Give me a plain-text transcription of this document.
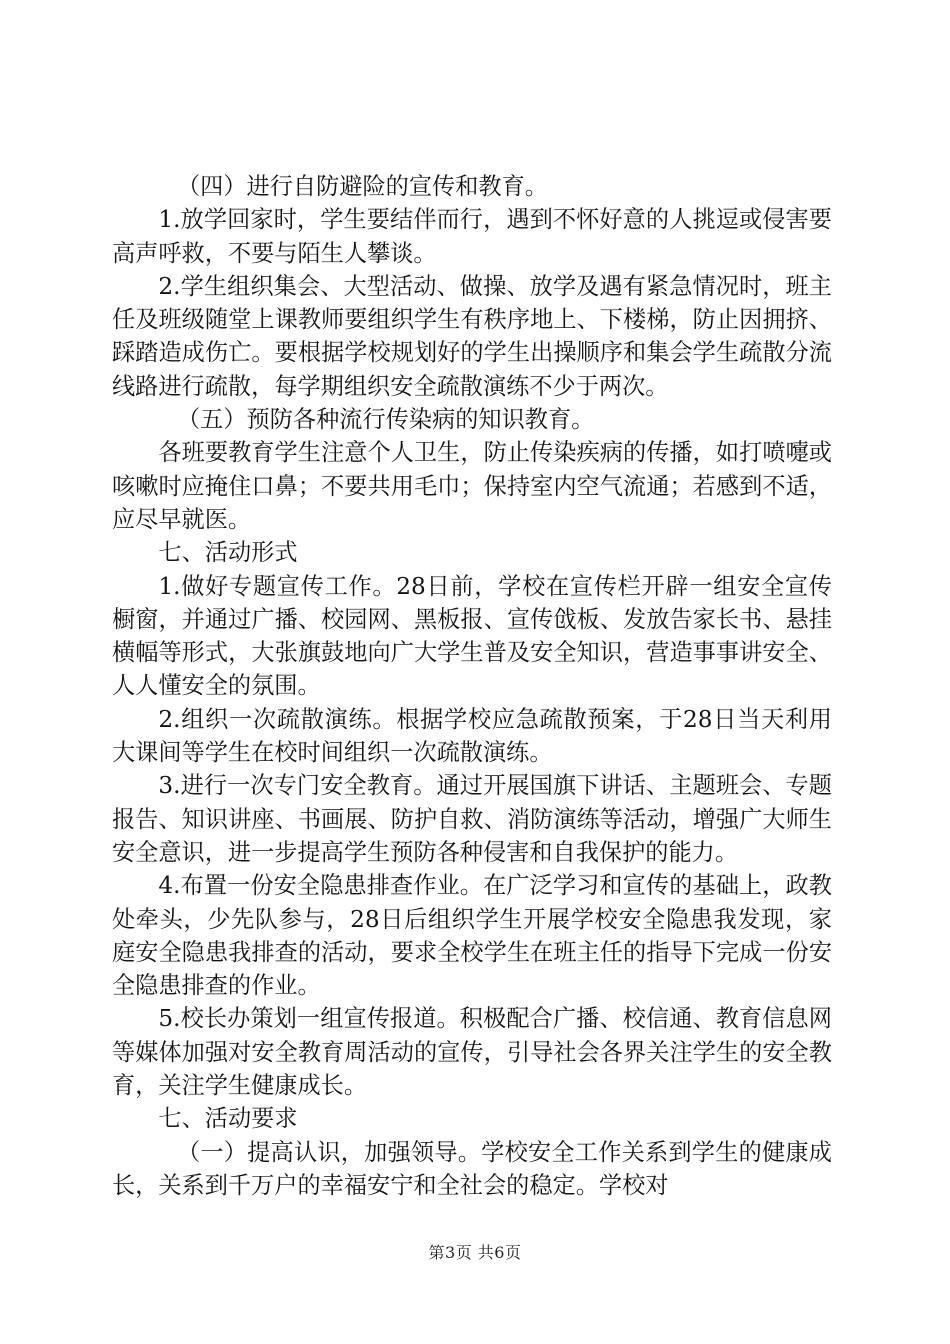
（四）进行自防避险的宣传和教育。

1.放学回家时，学生要结伴而行，遇到不怀好意的人挑逗或侵害要高声呼救，不要与陌生人攀谈。

2.学生组织集会、大型活动、做操、放学及遇有紧急情况时，班主任及班级随堂上课教师要组织学生有秩序地上、下楼梯，防止因拥挤、踩踏造成伤亡。要根据学校规划好的学生出操顺序和集会学生疏散分流线路进行疏散，每学期组织安全疏散演练不少于两次。

（五）预防各种流行传染病的知识教育。

各班要教育学生注意个人卫生，防止传染疾病的传播，如打喷嚏或咳嗽时应掩住口鼻；不要共用毛巾；保持室内空气流通；若感到不适，应尽早就医。

七、活动形式

1.做好专题宣传工作。28日前，学校在宣传栏开辟一组安全宣传橱窗，并通过广播、校园网、黑板报、宣传戗板、发放告家长书、悬挂横幅等形式，大张旗鼓地向广大学生普及安全知识，营造事事讲安全、人人懂安全的氛围。

2.组织一次疏散演练。根据学校应急疏散预案，于28日当天利用大课间等学生在校时间组织一次疏散演练。

3.进行一次专门安全教育。通过开展国旗下讲话、主题班会、专题报告、知识讲座、书画展、防护自救、消防演练等活动，增强广大师生安全意识，进一步提高学生预防各种侵害和自我保护的能力。

4.布置一份安全隐患排查作业。在广泛学习和宣传的基础上，政教处牵头，少先队参与，28日后组织学生开展学校安全隐患我发现，家庭安全隐患我排查的活动，要求全校学生在班主任的指导下完成一份安全隐患排查的作业。

5.校长办策划一组宣传报道。积极配合广播、校信通、教育信息网等媒体加强对安全教育周活动的宣传，引导社会各界关注学生的安全教育，关注学生健康成长。

七、活动要求

（一）提高认识，加强领导。学校安全工作关系到学生的健康成长，关系到千万户的幸福安宁和全社会的稳定。学校对

第3页 共6页
